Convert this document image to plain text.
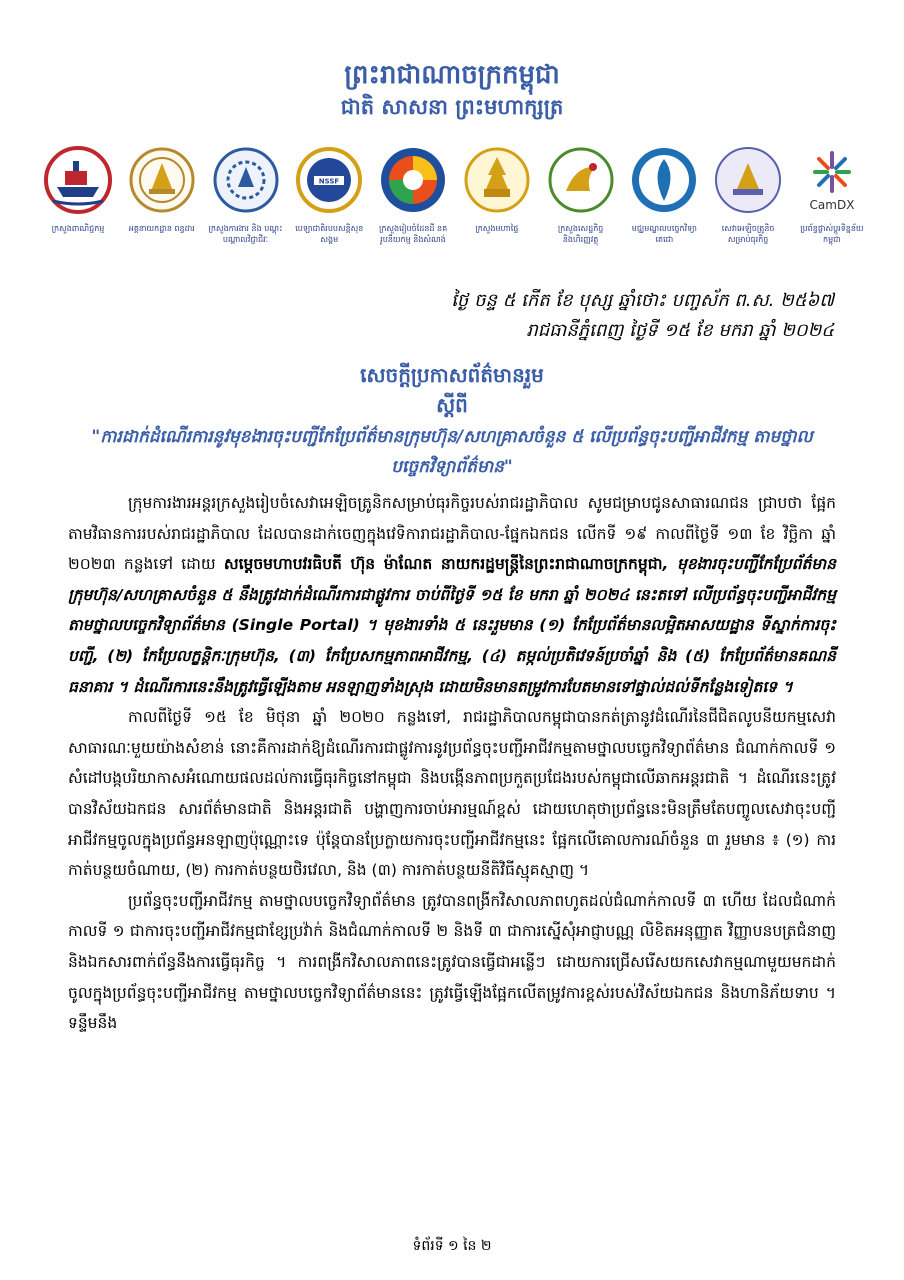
ព្រះរាជាណាចក្រកម្ពុជា
ជាតិ សាសនា ព្រះមហាក្សត្រ
ក្រសួងពាណិជ្ជកម្ម	អគ្គនាយកដ្ឋាន ពន្ធដារ ក្រសួងការងារ និង បណ្តុះបណ្តាលវិជ្ជាជីវៈ
NSSF
បេឡាជាតិរបបសន្តិសុខ សង្គម
ក្រសួងរៀបចំដែនដី នគរូបនីយកម្ម និងសំណង់
ក្រសួងមហាផ្ទៃ	ក្រសួងសេដ្ឋកិច្ច និងហិរញ្ញវត្ថុ
មជ្ឈមណ្ឌលបច្ចេកវិទ្យា តេជោ
សេវាអេឡិចត្រូនិច សម្រាប់ធុរកិច្ច
CamDX
ប្រព័ន្ធផ្លាស់ប្តូរទិន្នន័យកម្ពុជា
ថ្ងៃ ចន្ទ ៥ កើត ខែ បុស្ស ឆ្នាំថោះ បញ្ចស័ក ព.ស. ២៥៦៧
រាជធានីភ្នំពេញ ថ្ងៃទី ១៥ ខែ មករា ឆ្នាំ ២០២៤
សេចក្តីប្រកាសព័ត៌មានរួម
ស្តីពី
"ការដាក់ដំណើរការនូវមុខងារចុះបញ្ជីកែប្រែព័ត៌មានក្រុមហ៊ុន/សហគ្រាសចំនួន ៥ លើប្រព័ន្ធចុះបញ្ជីអាជីវកម្ម តាមថ្នាលបច្ចេកវិទ្យាព័ត៌មាន"

ក្រុមការងារអន្តរក្រសួងរៀបចំសេវាអេឡិចត្រូនិកសម្រាប់ធុរកិច្ចរបស់រាជរដ្ឋាភិបាល សូមជម្រាបជូនសាធារណជន ជ្រាបថា ផ្អែកតាមវិធានការរបស់រាជរដ្ឋាភិបាល ដែលបានដាក់ចេញក្នុងវេទិការាជរដ្ឋាភិបាល-ផ្នែកឯកជន លើកទី ១៩ កាលពីថ្ងៃទី ១៣ ខែ វិច្ឆិកា ឆ្នាំ ២០២៣ កន្លងទៅ ដោយ សម្តេចមហាបវរធិបតី ហ៊ុន ម៉ាណែត នាយករដ្ឋមន្ត្រីនៃព្រះរាជាណាចក្រកម្ពុជា, មុខងារចុះបញ្ជីកែប្រែព័ត៌មាន ក្រុមហ៊ុន/សហគ្រាសចំនួន ៥ នឹងត្រូវដាក់ដំណើរការជាផ្លូវការ ចាប់ពីថ្ងៃទី ១៥ ខែ មករា ឆ្នាំ ២០២៤ នេះតទៅ លើប្រព័ន្ធចុះបញ្ជីអាជីវកម្ម តាមថ្នាលបច្ចេកវិទ្យាព័ត៌មាន (Single Portal) ។ មុខងារទាំង ៥ នេះរួមមាន (១) កែប្រែព័ត៌មានលម្អិតអាសយដ្ឋាន ទីស្នាក់ការចុះបញ្ជី, (២) កែប្រែលក្ខន្តិកៈក្រុមហ៊ុន, (៣) កែប្រែសកម្មភាពអាជីវកម្ម, (៤) តម្កល់ប្រតិវេទន៍ប្រចាំឆ្នាំ និង (៥) កែប្រែព័ត៌មានគណនីធនាគារ ។ ដំណើរការនេះនឹងត្រូវធ្វើឡើងតាម អនឡាញទាំងស្រុង ដោយមិនមានតម្រូវការបែតមានទៅផ្ទាល់ដល់ទីកន្លែងទៀតទេ ។

កាលពីថ្ងៃទី ១៥ ខែ មិថុនា ឆ្នាំ ២០២០ កន្លងទៅ, រាជរដ្ឋាភិបាលកម្ពុជាបានកត់ត្រានូវដំណើរនៃជីជិតលូបនីយកម្មសេវាសាធារណៈមួយយ៉ាងសំខាន់ នោះគឺការដាក់ឱ្យដំណើរការជាផ្លូវការនូវប្រព័ន្ធចុះបញ្ជីអាជីវកម្មតាមថ្នាលបច្ចេកវិទ្យាព័ត៌មាន ជំណាក់កាលទី ១ សំដៅបង្កបរិយាកាសអំណោយផលដល់ការធ្វើធុរកិច្ចនៅកម្ពុជា និងបង្កើនភាពប្រកួតប្រជែងរបស់កម្ពុជាលើឆាកអន្តរជាតិ ។ ដំណើរនេះត្រូវបានវិស័យឯកជន សារព័ត៌មានជាតិ និងអន្តរជាតិ បង្ហាញការចាប់អារម្មណ៍ខ្ពស់ ដោយហេតុថាប្រព័ន្ធនេះមិនត្រឹមតែបញ្ចូលសេវាចុះបញ្ជីអាជីវកម្មចូលក្នុងប្រព័ន្ធអនឡាញប៉ុណ្ណោះទេ ប៉ុន្តែបានប្រែក្លាយការចុះបញ្ជីអាជីវកម្មនេះ ផ្អែកលើគោលការណ៍ចំនួន ៣ រួមមាន ៖ (១) ការកាត់បន្ថយចំណាយ, (២) ការកាត់បន្ថយថិរវេលា, និង (៣) ការកាត់បន្ថយនីតិវិធីស្មុគស្មាញ ។

ប្រព័ន្ធចុះបញ្ជីអាជីវកម្ម តាមថ្នាលបច្ចេកវិទ្យាព័ត៌មាន ត្រូវបានពង្រីកវិសាលភាពហូតដល់ជំណាក់កាលទី ៣ ហើយ ដែលជំណាក់កាលទី ១ ជាការចុះបញ្ជីអាជីវកម្មជាខ្សែប្រវ៉ាក់ និងជំណាក់កាលទី ២ និងទី ៣ ជាការស្នើសុំអាជ្ញាបណ្ណ លិខិតអនុញ្ញាត វិញ្ញាបនបត្រជំនាញ និងឯកសារពាក់ព័ន្ធនឹងការធ្វើធុរកិច្ច ។ ការពង្រីកវិសាលភាពនេះត្រូវបានធ្វើជាអន្លើៗ ដោយការជ្រើសរើសយកសេវាកម្មណាមួយមកដាក់ចូលក្នុងប្រព័ន្ធចុះបញ្ជីអាជីវកម្ម តាមថ្នាលបច្ចេកវិទ្យាព័ត៌មាននេះ ត្រូវធ្វើឡើងផ្អែកលើតម្រូវការខ្ពស់របស់វិស័យឯកជន និងហានិភ័យទាប ។ ទន្ទឹមនឹង

ទំព័រទី ១ នៃ ២
